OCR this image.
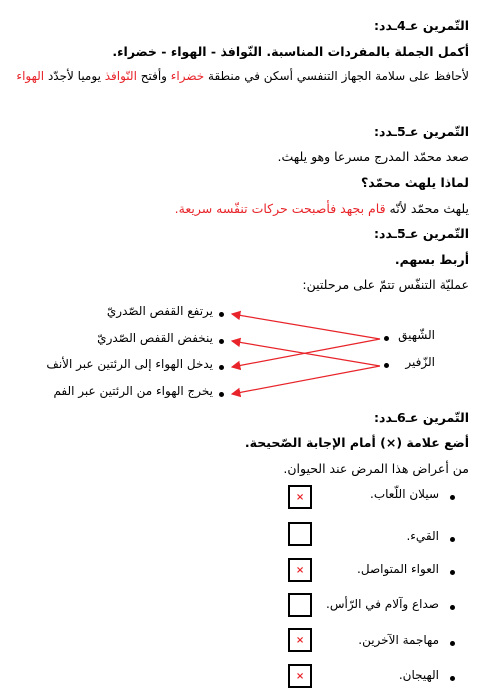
التّمرين عـ4ـدد:
أكمل الجملة بالمفردات المناسبة. النّوافذ - الهواء - خضراء.
لأحافظ على سلامة الجهاز التنفسي أسكن في منطقة خضراء وأفتح النّوافذ يوميا لأجدّد الهواء
التّمرين عـ5ـدد:
صعد محمّد المدرج مسرعا وهو يلهث.
لماذا يلهث محمّد؟
يلهث محمّد لأنّه قام بجهد فأصبحت حركات تنفّسه سريعة.
التّمرين عـ5ـدد:
أربط بسهم.
عمليّة التنفّس تتمّ على مرحلتين:
يرتفع القفص الصّدريّ
ينخفض القفص الصّدريّ
يدخل الهواء إلى الرئتين عبر الأنف
يخرج الهواء من الرئتين عبر الفم
الشّهيق
الزّفير
التّمرين عـ6ـدد:
أضع علامة (×) أمام الإجابة الصّحيحة.
من أعراض هذا المرض عند الحيوان.
سيلان اللّعاب.
×
القيء.
العواء المتواصل.
×
صداع وآلام في الرّأس.
مهاجمة الآخرين.
×
الهيجان.
×
